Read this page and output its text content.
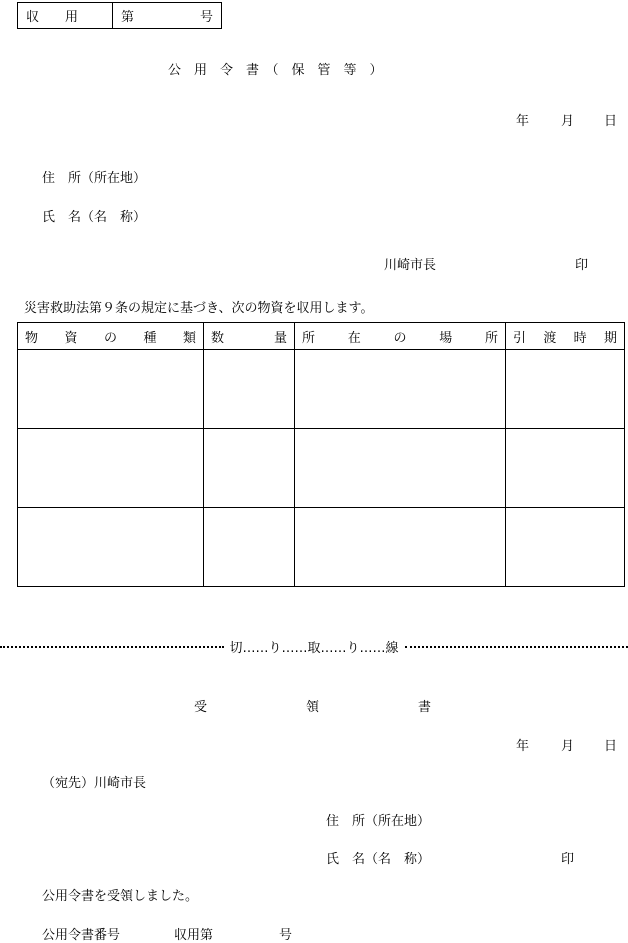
収　　用	第	号
公　用　令　書　（　保　管　等　）
年 月 日
住　所（所在地）
氏　名（名　称）
川崎市長	印
災害救助法第９条の規定に基づき、次の物資を収用します。
物 資 の 種 類	数 量	所 在 の 場 所	引 渡 時 期

切……り……取……り……線
受	領	書
年 月 日
（宛先）川崎市長
住　所（所在地）
氏　名（名　称）	印
公用令書を受領しました。
公用令書番号	収用第	号
